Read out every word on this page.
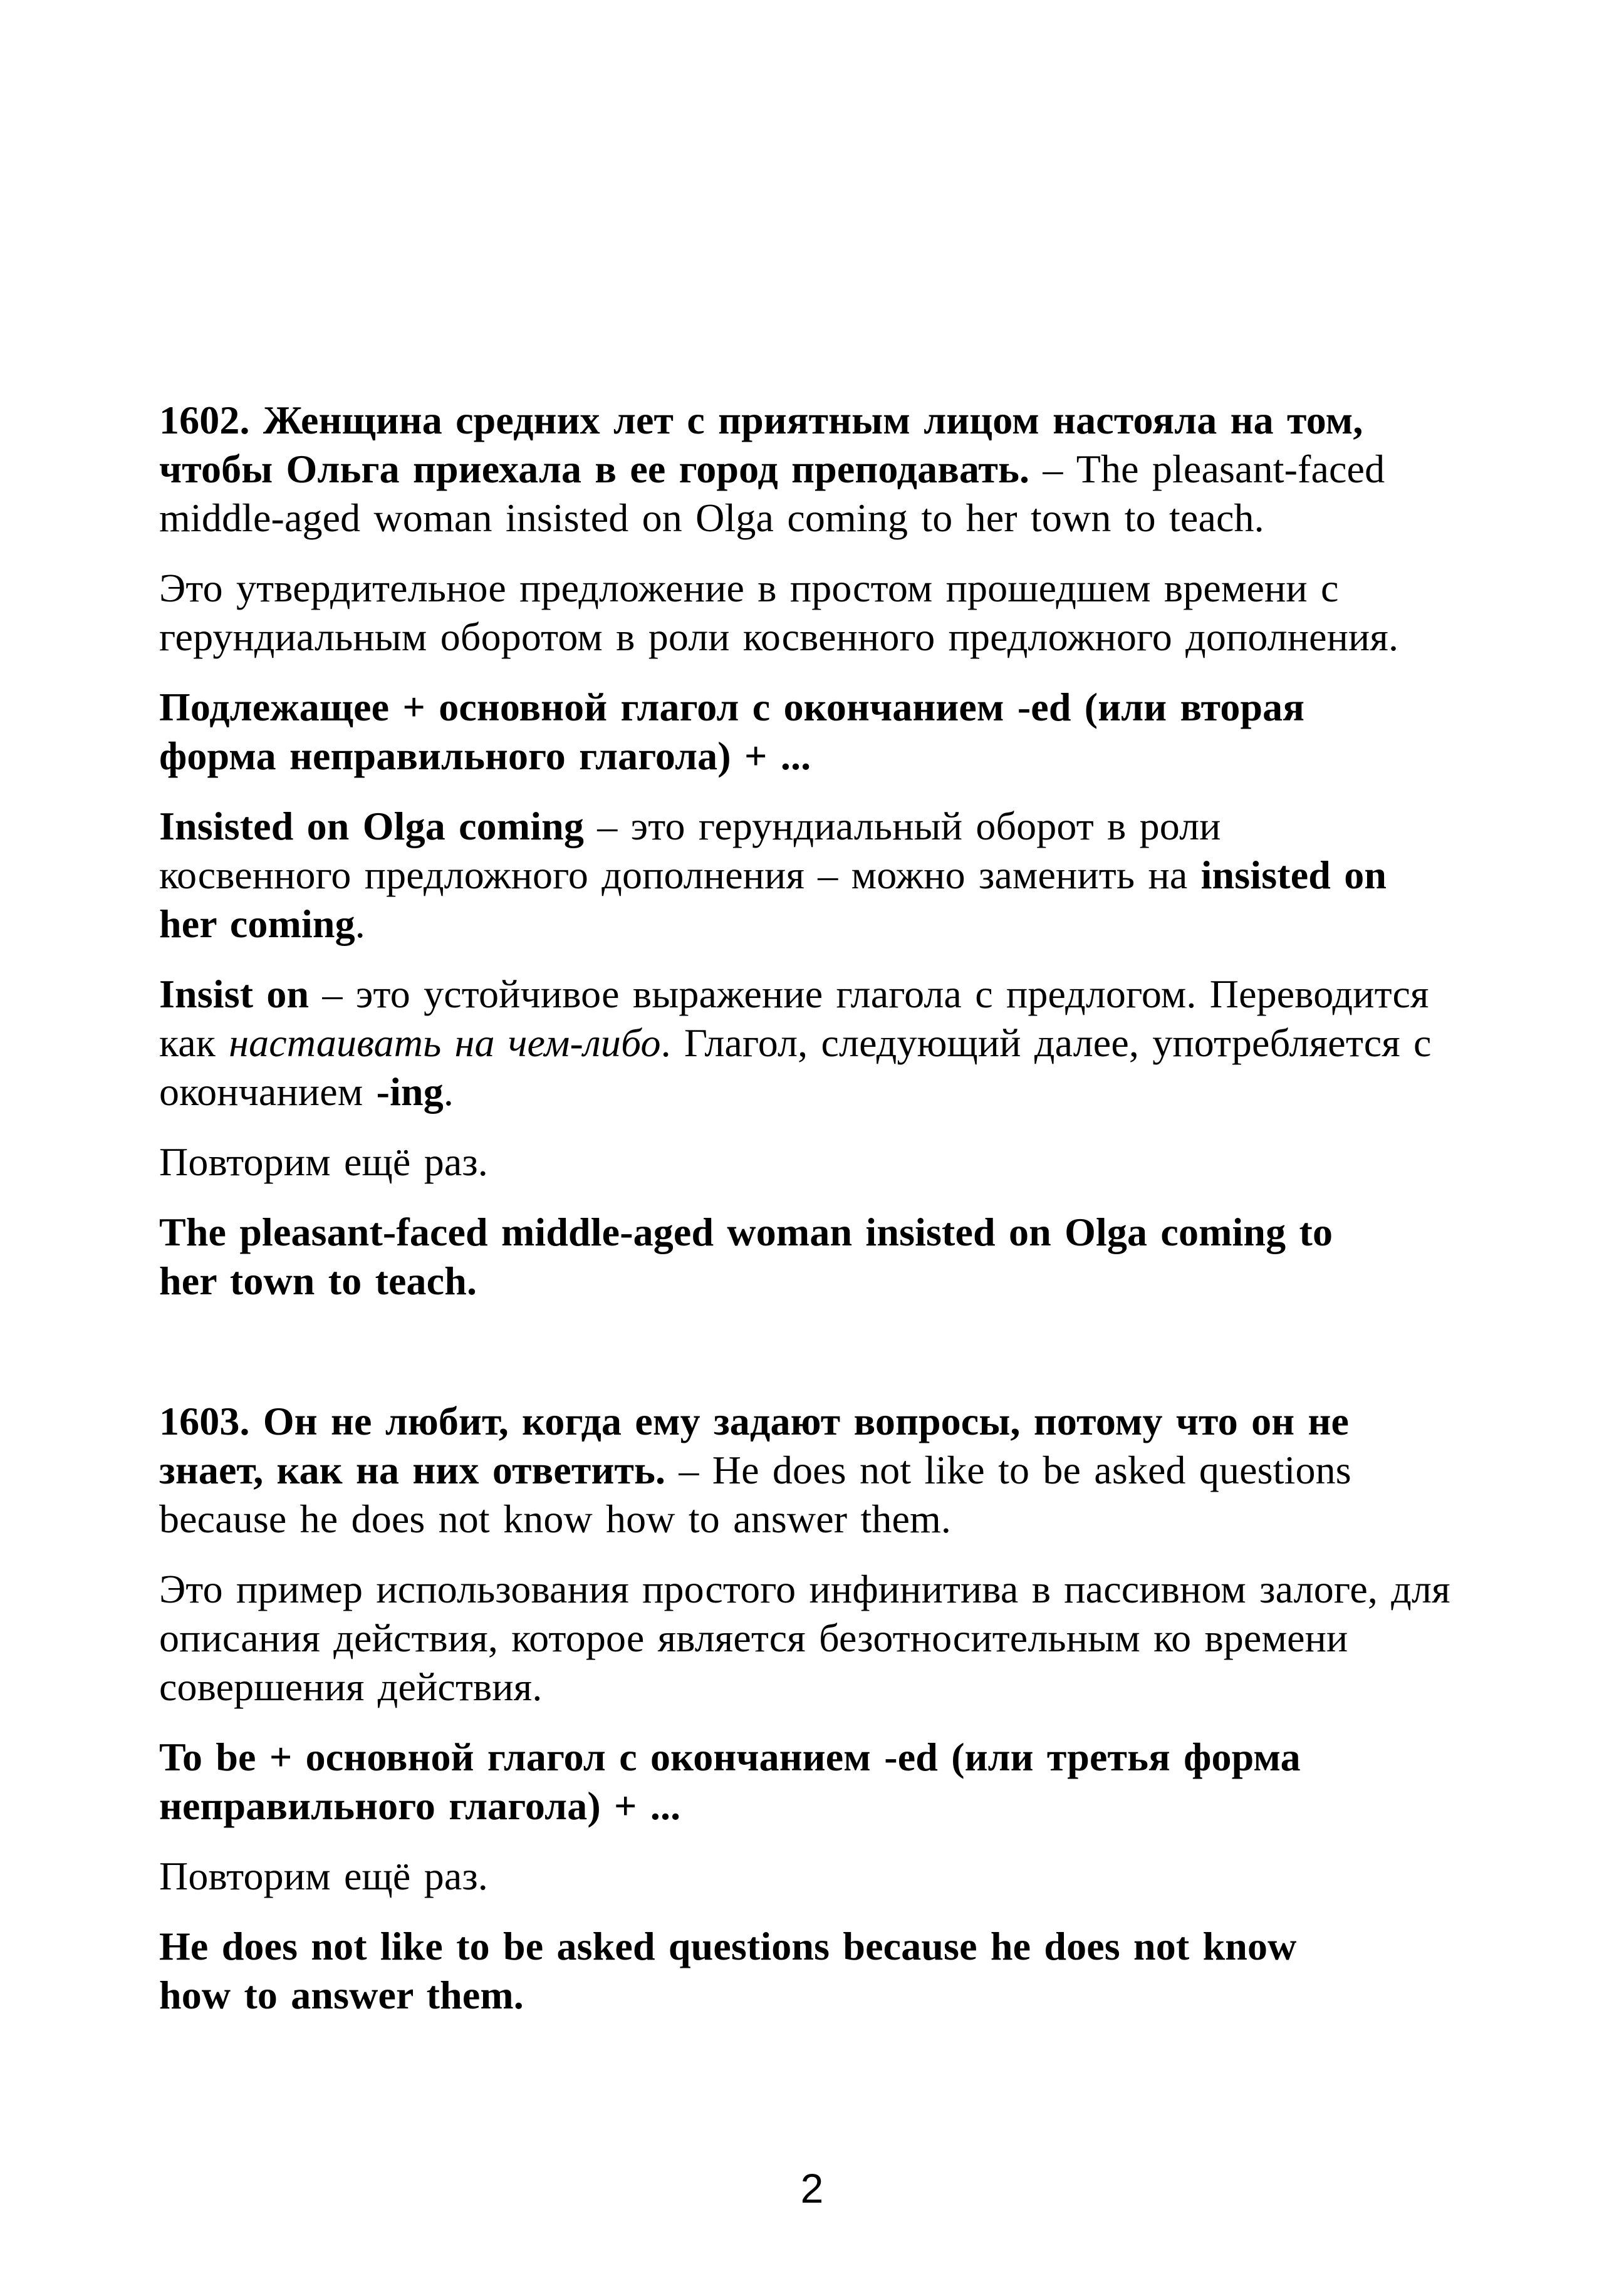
1602. Женщина средних лет с приятным лицом настояла на том,
чтобы Ольга приехала в ее город преподавать. – The pleasant-faced
middle-aged woman insisted on Olga coming to her town to teach.

Это утвердительное предложение в простом прошедшем времени с
герундиальным оборотом в роли косвенного предложного дополнения.

Подлежащее + основной глагол с окончанием -ed (или вторая
форма неправильного глагола) + ...

Insisted on Olga coming – это герундиальный оборот в роли
косвенного предложного дополнения – можно заменить на insisted on
her coming.

Insist on – это устойчивое выражение глагола с предлогом. Переводится
как настаивать на чем-либо. Глагол, следующий далее, употребляется с
окончанием -ing.

Повторим ещё раз.

The pleasant-faced middle-aged woman insisted on Olga coming to
her town to teach.

1603. Он не любит, когда ему задают вопросы, потому что он не
знает, как на них ответить. – He does not like to be asked questions
because he does not know how to answer them.

Это пример использования простого инфинитива в пассивном залоге, для
описания действия, которое является безотносительным ко времени
совершения действия.

To be + основной глагол с окончанием -ed (или третья форма
неправильного глагола) + ...

Повторим ещё раз.

He does not like to be asked questions because he does not know
how to answer them.

2
